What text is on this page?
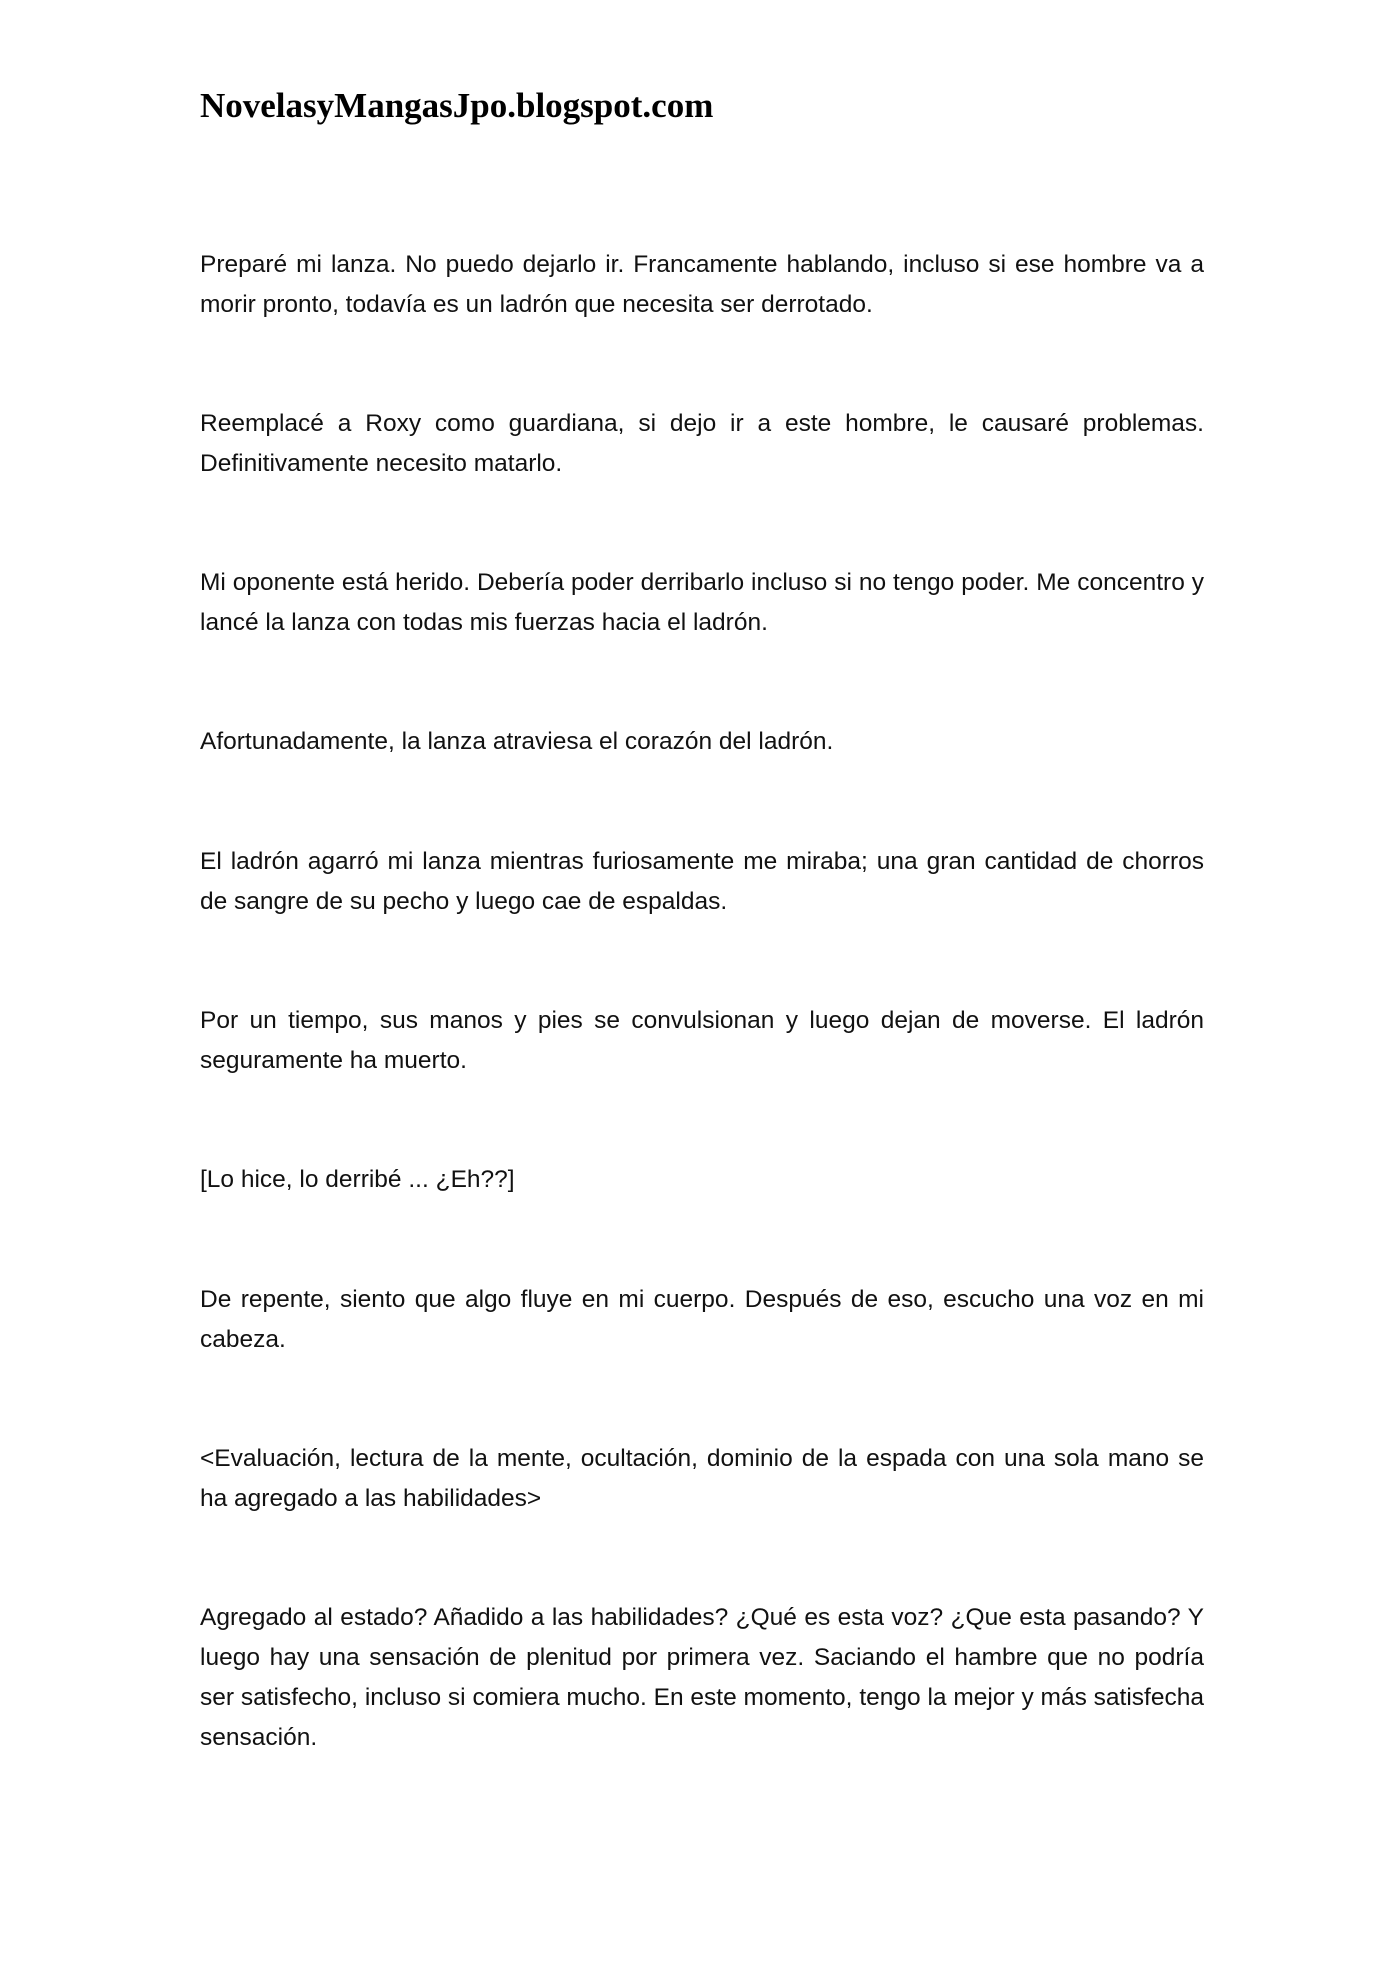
NovelasyMangasJpo.blogspot.com

Preparé mi lanza. No puedo dejarlo ir. Francamente hablando, incluso si ese hombre va a morir pronto, todavía es un ladrón que necesita ser derrotado.

Reemplacé a Roxy como guardiana, si dejo ir a este hombre, le causaré problemas. Definitivamente necesito matarlo.

Mi oponente está herido. Debería poder derribarlo incluso si no tengo poder. Me concentro y lancé la lanza con todas mis fuerzas hacia el ladrón.

Afortunadamente, la lanza atraviesa el corazón del ladrón.

El ladrón agarró mi lanza mientras furiosamente me miraba; una gran cantidad de chorros de sangre de su pecho y luego cae de espaldas.

Por un tiempo, sus manos y pies se convulsionan y luego dejan de moverse. El ladrón seguramente ha muerto.

[Lo hice, lo derribé ... ¿Eh??]

De repente, siento que algo fluye en mi cuerpo. Después de eso, escucho una voz en mi cabeza.

<Evaluación, lectura de la mente, ocultación, dominio de la espada con una sola mano se ha agregado a las habilidades>

Agregado al estado? Añadido a las habilidades? ¿Qué es esta voz? ¿Que esta pasando? Y luego hay una sensación de plenitud por primera vez. Saciando el hambre que no podría ser satisfecho, incluso si comiera mucho. En este momento, tengo la mejor y más satisfecha sensación.
